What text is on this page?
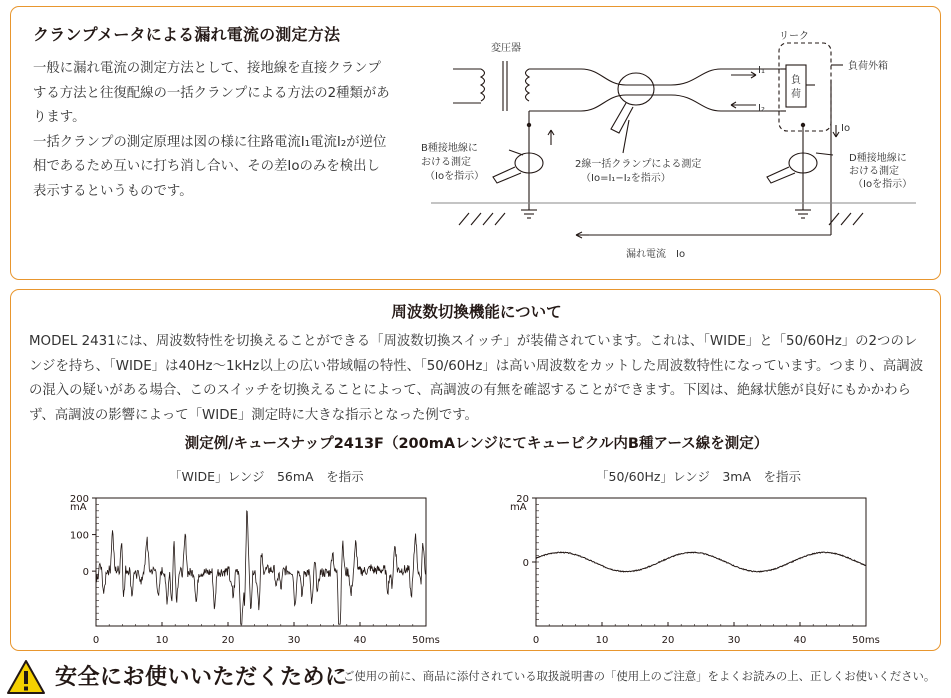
クランプメータによる漏れ電流の測定方法

一般に漏れ電流の測定方法として、接地線を直接クランプする方法と往復配線の一括クランプによる方法の2種類があります。

一括クランプの測定原理は図の様に往路電流I₁電流I₂が逆位相であるため互いに打ち消し合い、その差Ioのみを検出し表示するというものです。

変圧器
リーク
負荷外箱
負
荷
I₁
I₂
Io
B種接地線に
おける測定
（Ioを指示）
2線一括クランプによる測定
（Io=I₁−I₂を指示）
D種接地線に
おける測定
（Ioを指示）
漏れ電流　Io
周波数切換機能について
MODEL 2431には、周波数特性を切換えることができる「周波数切換スイッチ」が装備されています。これは、「WIDE」と「50/60Hz」の2つのレンジを持ち、「WIDE」は40Hz〜1kHz以上の広い帯域幅の特性、「50/60Hz」は高い周波数をカットした周波数特性になっています。つまり、高調波の混入の疑いがある場合、このスイッチを切換えることによって、高調波の有無を確認することができます。下図は、絶縁状態が良好にもかかわらず、高調波の影響によって「WIDE」測定時に大きな指示となった例です。
測定例/キュースナップ2413F（200mAレンジにてキュービクル内B種アース線を測定）
「WIDE」レンジ　56mA　を指示	「50/60Hz」レンジ　3mA　を指示
200
100
0
mA
0	10	20	30	40	50ms
20
0
mA
0	10	20	30	40	50ms
安全にお使いいただくために
ご使用の前に、商品に添付されている取扱説明書の「使用上のご注意」をよくお読みの上、正しくお使いください。
